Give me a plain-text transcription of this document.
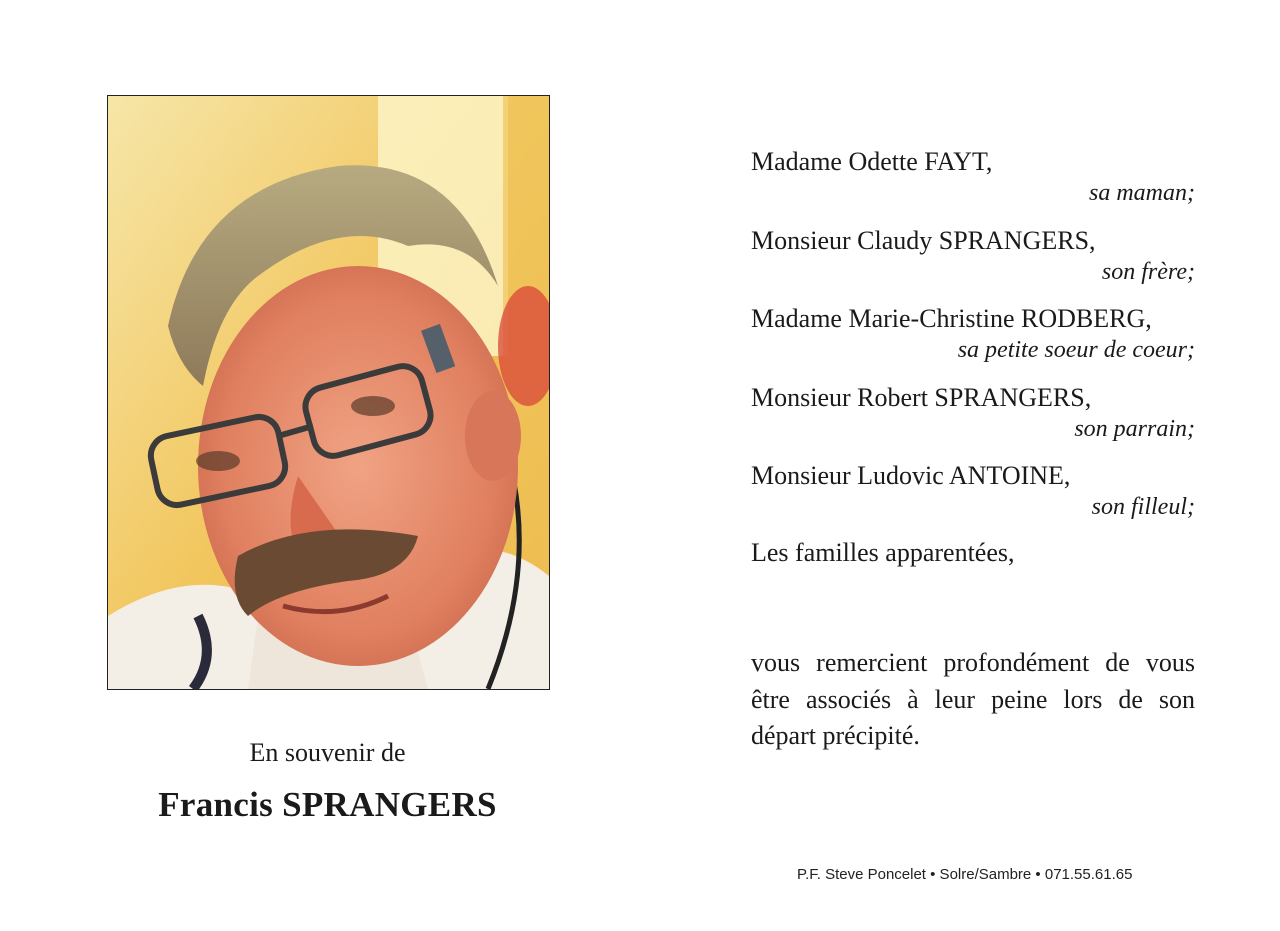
En souvenir de
Francis SPRANGERS
Madame Odette FAYT,
sa maman;
Monsieur Claudy SPRANGERS,
son frère;
Madame Marie-Christine RODBERG,
sa petite soeur de coeur;
Monsieur Robert SPRANGERS,
son parrain;
Monsieur Ludovic ANTOINE,
son filleul;
Les familles apparentées,
vous remercient profondément de vous être associés à leur peine lors de son départ précipité.
P.F. Steve Poncelet • Solre/Sambre • 071.55.61.65
